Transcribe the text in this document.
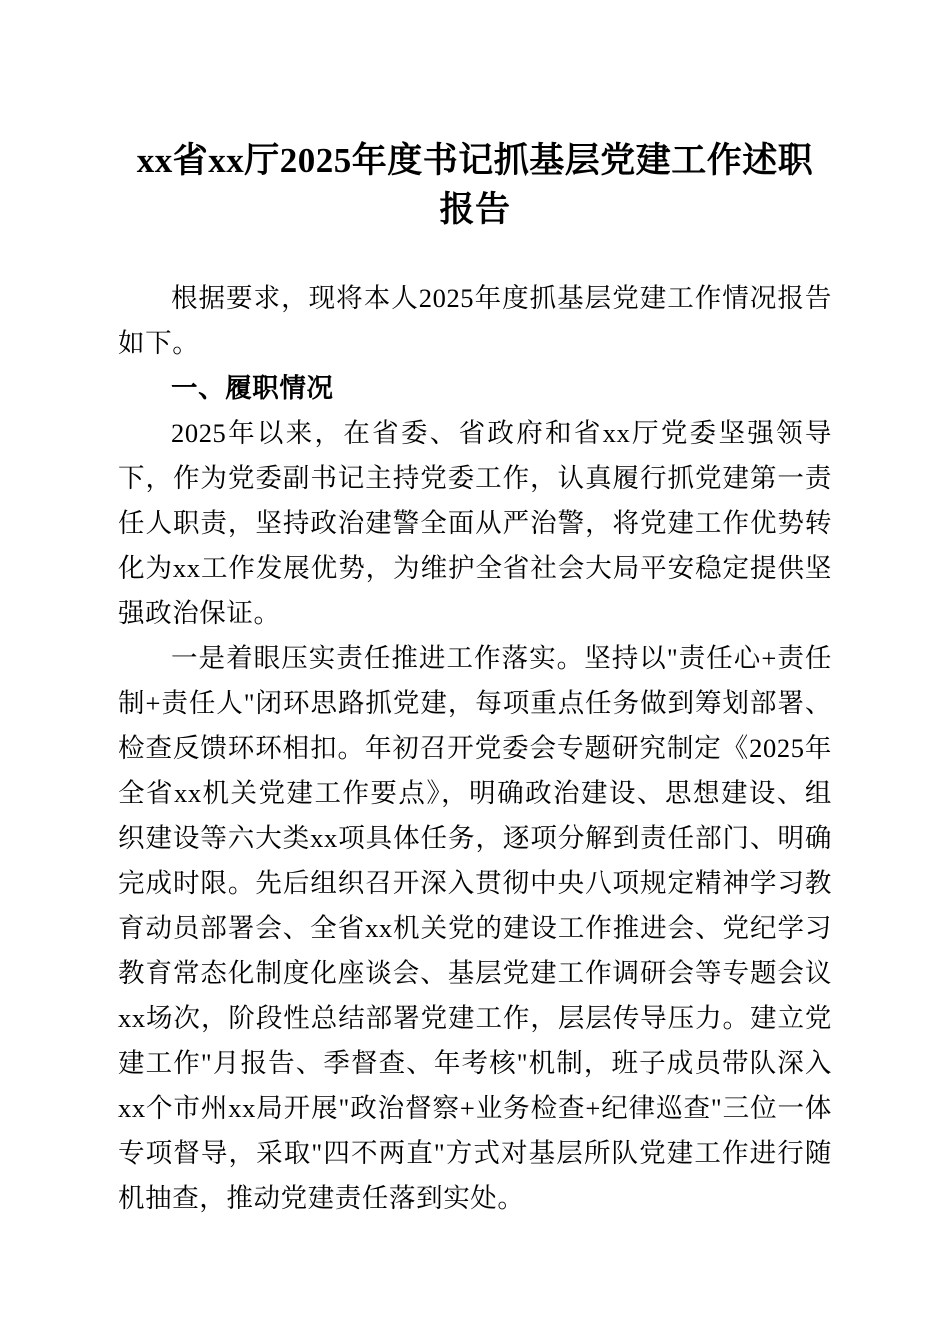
xx省xx厅2025年度书记抓基层党建工作述职
报告

根据要求，现将本人2025年度抓基层党建工作情况报告如下。

一、履职情况

2025年以来，在省委、省政府和省xx厅党委坚强领导下，作为党委副书记主持党委工作，认真履行抓党建第一责任人职责，坚持政治建警全面从严治警，将党建工作优势转化为xx工作发展优势，为维护全省社会大局平安稳定提供坚强政治保证。

一是着眼压实责任推进工作落实。坚持以"责任心+责任制+责任人"闭环思路抓党建，每项重点任务做到筹划部署、检查反馈环环相扣。年初召开党委会专题研究制定《2025年全省xx机关党建工作要点》，明确政治建设、思想建设、组织建设等六大类xx项具体任务，逐项分解到责任部门、明确完成时限。先后组织召开深入贯彻中央八项规定精神学习教育动员部署会、全省xx机关党的建设工作推进会、党纪学习教育常态化制度化座谈会、基层党建工作调研会等专题会议xx场次，阶段性总结部署党建工作，层层传导压力。建立党建工作"月报告、季督查、年考核"机制，班子成员带队深入xx个市州xx局开展"政治督察+业务检查+纪律巡查"三位一体专项督导，采取"四不两直"方式对基层所队党建工作进行随机抽查，推动党建责任落到实处。
